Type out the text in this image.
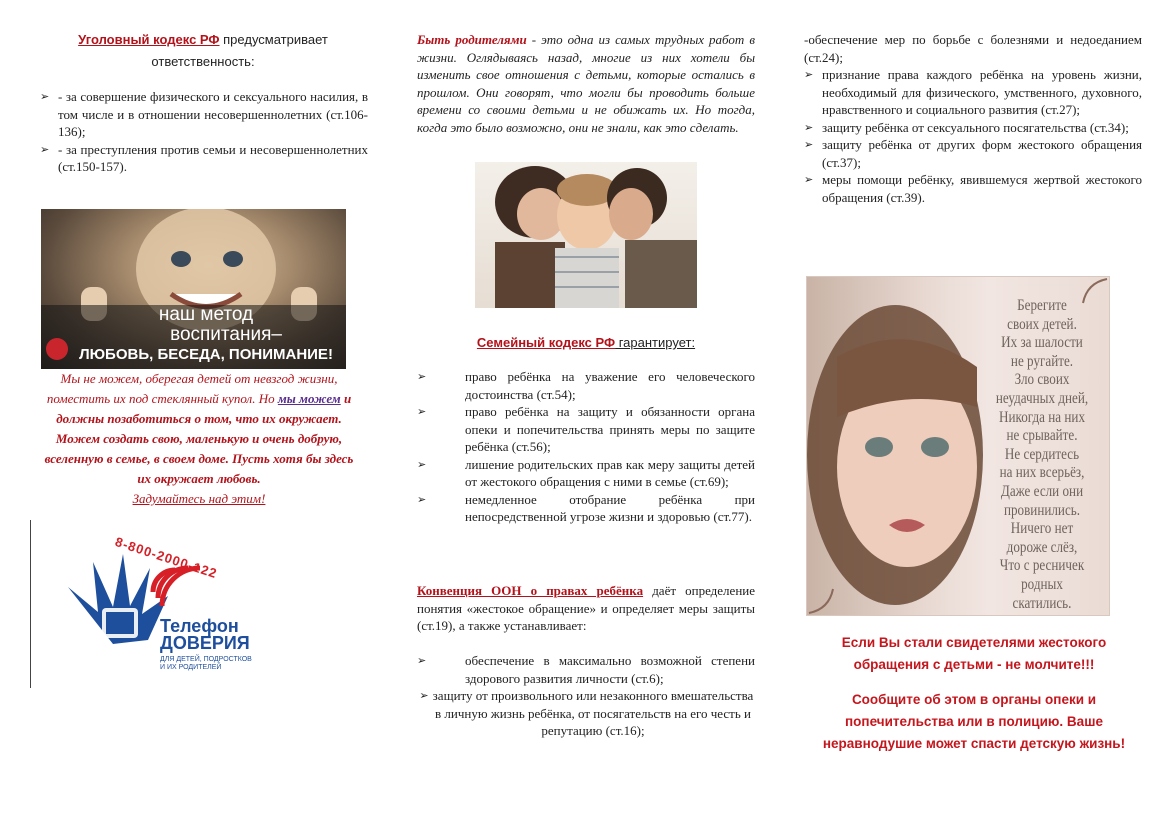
Уголовный кодекс РФ предусматривает ответственность:
➢ - за совершение физического и сексуального насилия, в том числе и в отношении несовершеннолетних (ст.106-136);
➢ - за преступления против семьи и несовершеннолетних (ст.150-157).
наш метод
воспитания–
ЛЮБОВЬ, БЕСЕДА, ПОНИМАНИЕ!
Мы не можем, оберегая детей от невзгод жизни,
поместить их под стеклянный купол. Но мы можем и должны позаботиться о том, что их окружает. Можем создать свою, маленькую и очень добрую, вселенную в семье, в своем доме. Пусть хотя бы здесь их окружает любовь.
Задумайтесь над этим!
8-800-2000-122
Телефон
ДОВЕРИЯ
ДЛЯ ДЕТЕЙ, ПОДРОСТКОВ
И ИХ РОДИТЕЛЕЙ
Быть родителями - это одна из самых трудных работ в жизни. Оглядываясь назад, многие из них хотели бы изменить свое отношения с детьми, которые остались в прошлом. Они говорят, что могли бы проводить больше времени со своими детьми и не обижать их. Но тогда, когда это было возможно, они не знали, как это сделать.
Семейный кодекс РФ гарантирует:
➢	право ребёнка на уважение его человеческого достоинства (ст.54);
➢	право ребёнка на защиту и обязанности органа опеки и попечительства принять меры по защите ребёнка (ст.56);
➢	лишение родительских прав как меру защиты детей от жестокого обращения с ними в семье (ст.69);
➢	немедленное отобрание ребёнка при непосредственной угрозе жизни и здоровью (ст.77).
Конвенция ООН о правах ребёнка даёт определение понятия «жестокое обращение» и определяет меры защиты (ст.19), а также устанавливает:
➢	обеспечение в максимально возможной степени здорового развития личности (ст.6);
➢ защиту от произвольного или незаконного вмешательства в личную жизнь ребёнка, от посягательств на его честь и репутацию (ст.16);
-обеспечение мер по борьбе с болезнями и недоеданием (ст.24);
➢ признание права каждого ребёнка на уровень жизни, необходимый для физического, умственного, духовного, нравственного и социального развития (ст.27);
➢ защиту ребёнка от сексуального посягательства (ст.34);
➢ защиту ребёнка от других форм жестокого обращения (ст.37);
➢ меры помощи ребёнку, явившемуся жертвой жестокого обращения (ст.39).
Берегите
своих детей.
Их за шалости
не ругайте.
Зло своих
неудачных дней,
Никогда на них
не срывайте.
Не сердитесь
на них всерьёз,
Даже если они
провинились.
Ничего нет
дороже слёз,
Что с ресничек
родных
скатились.
Если Вы стали свидетелями жестокого обращения с детьми - не молчите!!!
Сообщите об этом в органы опеки и попечительства или в полицию. Ваше неравнодушие может спасти детскую жизнь!
